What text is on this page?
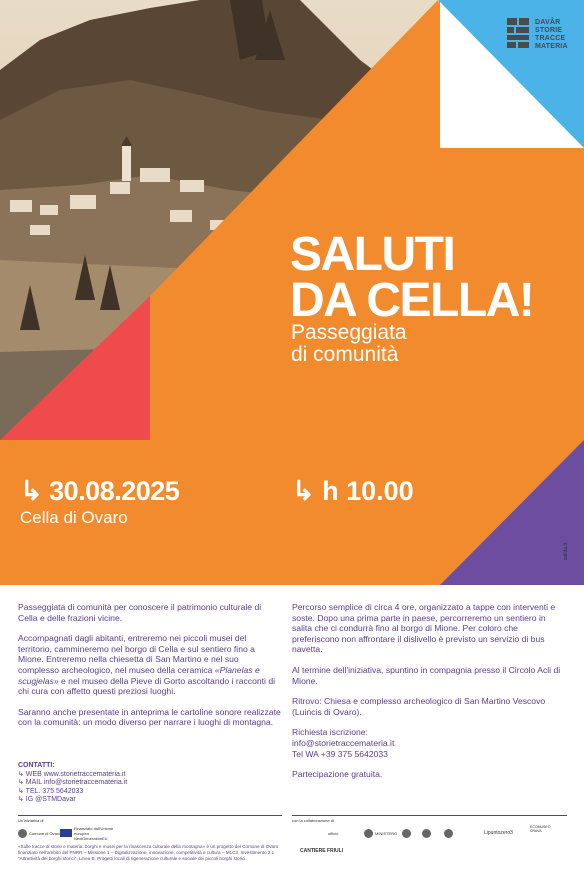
DAVÂR
STORIE
TRACCE
MATERIA
SALUTI
DA CELLA!
Passeggiata
di comunità
↳ 30.08.2025
Cella di Ovaro
↳ h 10.00
salida.it

Passeggiata di comunità per conoscere il patrimonio culturale di Cella e delle frazioni vicine.

Accompagnati dagli abitanti, entreremo nei piccoli musei del territorio, cammineremo nel borgo di Cella e sul sentiero fino a Mione. Entreremo nella chiesetta di San Martino e nel suo complesso archeologico, nel museo della ceramica «Planelas e scugjelas» e nel museo della Pieve di Gorto ascoltando i racconti di chi cura con affetto questi preziosi luoghi.

Saranno anche presentate in anteprima le cartoline sonore realizzate con la comunità: un modo diverso per narrare i luoghi di montagna.

Percorso semplice di circa 4 ore, organizzato a tappe con interventi e soste. Dopo una prima parte in paese, percorreremo un sentiero in salita che ci condurrà fino al borgo di Mione. Per coloro che preferiscono non affrontare il dislivello è previsto un servizio di bus navetta.

Al termine dell'iniziativa, spuntino in compagnia presso il Circolo Acli di Mione.

Ritrovo: Chiesa e complesso archeologico di San Martino Vescovo (Luincis di Ovaro).

Richiesta iscrizione:
info@storietraccemateria.it
Tel WA +39 375 5642033

Partecipazione gratuita.

CONTATTI:
↳ WEB www.storietraccemateria.it
↳ MAIL info@storietraccemateria.it
↳ TEL. 375 5642033
↳ IG @STMDavar
Un'iniziativa di
Comune di Ovaro
Finanziato dall'Unione europea NextGenerationEU
con la collaborazione di
CANTIERE FRIULI
ufficio	MINISTERO	Lipuntozero3
ECOMUSEO CRAVA
«Sulle tracce di storie e materia: borghi e musei per la rinascenza culturale della montagna» è un progetto del Comune di Ovaro finanziato nell'ambito del PNRR – Missione 1 – Digitalizzazione, innovazione, competitività e cultura – M1C3, Investimento 2.1 "Attrattività dei borghi storici", Linea B. Progetti locali di rigenerazione culturale e sociale dei piccoli borghi storici.
